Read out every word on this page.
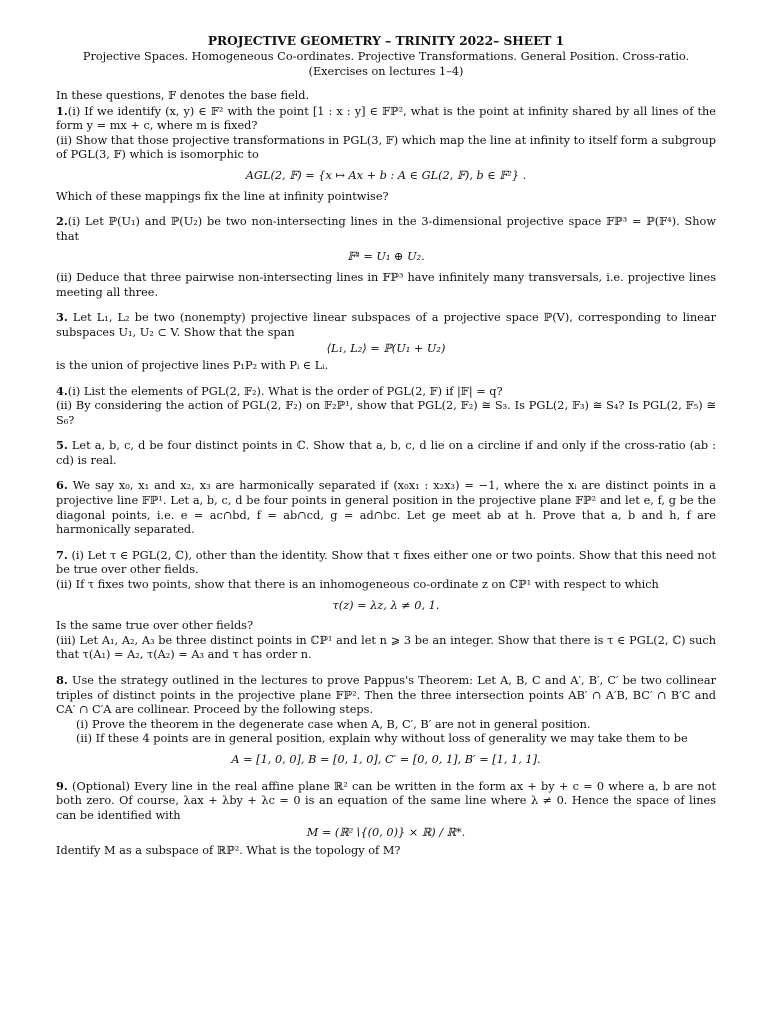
PROJECTIVE GEOMETRY – TRINITY 2022– SHEET 1

Projective Spaces. Homogeneous Co-ordinates. Projective Transformations. General Position. Cross-ratio.

(Exercises on lectures 1–4)

In these questions, 𝔽 denotes the base field.

1.(i) If we identify (x, y) ∈ 𝔽² with the point [1 : x : y] ∈ 𝔽ℙ², what is the point at infinity shared by all lines of the form y = mx + c, where m is fixed?

(ii) Show that those projective transformations in PGL(3, 𝔽) which map the line at infinity to itself form a subgroup of PGL(3, 𝔽) which is isomorphic to

AGL(2, 𝔽) = {x ↦ Ax + b : A ∈ GL(2, 𝔽), b ∈ 𝔽²} .

Which of these mappings fix the line at infinity pointwise?

2.(i) Let ℙ(U₁) and ℙ(U₂) be two non-intersecting lines in the 3-dimensional projective space 𝔽ℙ³ = ℙ(𝔽⁴). Show that

𝔽⁴ = U₁ ⊕ U₂.

(ii) Deduce that three pairwise non-intersecting lines in 𝔽ℙ³ have infinitely many transversals, i.e. projective lines meeting all three.

3. Let L₁, L₂ be two (nonempty) projective linear subspaces of a projective space ℙ(V), corresponding to linear subspaces U₁, U₂ ⊂ V. Show that the span

⟨L₁, L₂⟩ = ℙ(U₁ + U₂)

is the union of projective lines P₁P₂ with Pᵢ ∈ Lᵢ.

4.(i) List the elements of PGL(2, 𝔽₂). What is the order of PGL(2, 𝔽) if |𝔽| = q?

(ii) By considering the action of PGL(2, 𝔽₂) on 𝔽₂ℙ¹, show that PGL(2, 𝔽₂) ≅ S₃. Is PGL(2, 𝔽₃) ≅ S₄? Is PGL(2, 𝔽₅) ≅ S₆?

5. Let a, b, c, d be four distinct points in ℂ. Show that a, b, c, d lie on a circline if and only if the cross-ratio (ab : cd) is real.

6. We say x₀, x₁ and x₂, x₃ are harmonically separated if (x₀x₁ : x₂x₃) = −1, where the xᵢ are distinct points in a projective line 𝔽ℙ¹. Let a, b, c, d be four points in general position in the projective plane 𝔽ℙ² and let e, f, g be the diagonal points, i.e. e = ac∩bd, f = ab∩cd, g = ad∩bc. Let ge meet ab at h. Prove that a, b and h, f are harmonically separated.

7. (i) Let τ ∈ PGL(2, ℂ), other than the identity. Show that τ fixes either one or two points. Show that this need not be true over other fields.

(ii) If τ fixes two points, show that there is an inhomogeneous co-ordinate z on ℂℙ¹ with respect to which

τ(z) = λz, λ ≠ 0, 1.

Is the same true over other fields?

(iii) Let A₁, A₂, A₃ be three distinct points in ℂℙ¹ and let n ⩾ 3 be an integer. Show that there is τ ∈ PGL(2, ℂ) such that τ(A₁) = A₂, τ(A₂) = A₃ and τ has order n.

8. Use the strategy outlined in the lectures to prove Pappus's Theorem: Let A, B, C and A′, B′, C′ be two collinear triples of distinct points in the projective plane 𝔽ℙ². Then the three intersection points AB′ ∩ A′B, BC′ ∩ B′C and CA′ ∩ C′A are collinear. Proceed by the following steps.

(i) Prove the theorem in the degenerate case when A, B, C′, B′ are not in general position.

(ii) If these 4 points are in general position, explain why without loss of generality we may take them to be

A = [1, 0, 0], B = [0, 1, 0], C′ = [0, 0, 1], B′ = [1, 1, 1].

9. (Optional) Every line in the real affine plane ℝ² can be written in the form ax + by + c = 0 where a, b are not both zero. Of course, λax + λby + λc = 0 is an equation of the same line where λ ≠ 0. Hence the space of lines can be identified with

M = (ℝ²∖{(0, 0)} × ℝ) / ℝ*.

Identify M as a subspace of ℝℙ². What is the topology of M?
